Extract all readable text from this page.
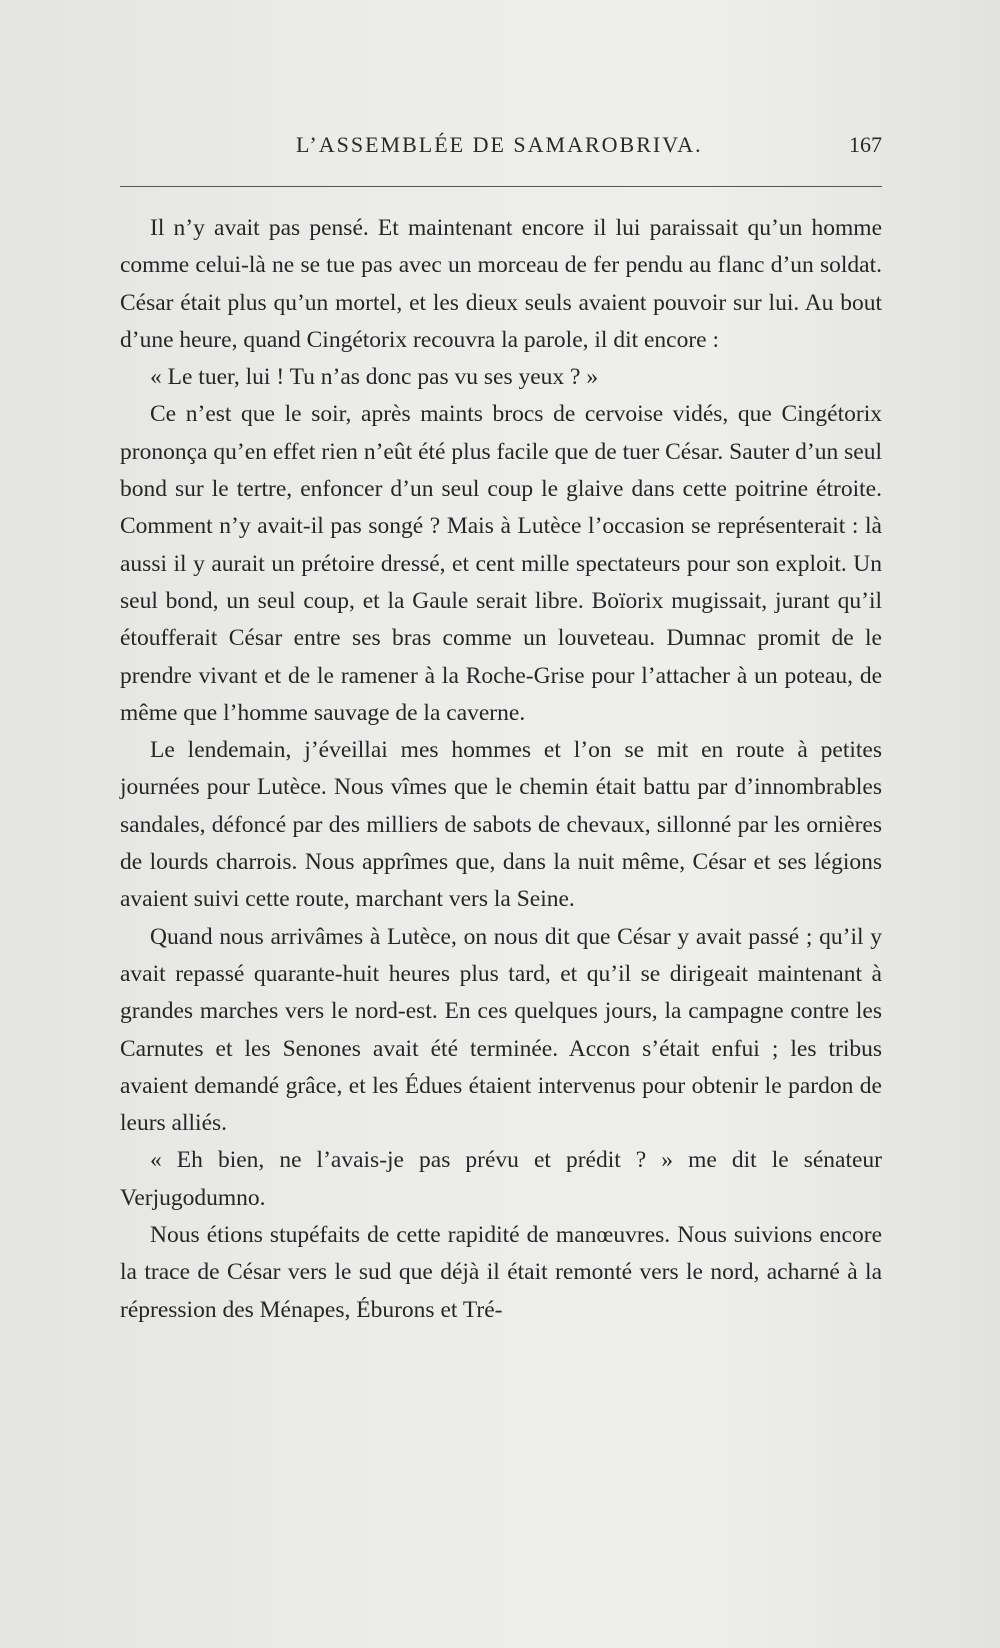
L’ASSEMBLÉE DE SAMAROBRIVA.	167

Il n’y avait pas pensé. Et maintenant encore il lui paraissait qu’un homme comme celui-là ne se tue pas avec un morceau de fer pendu au flanc d’un soldat. César était plus qu’un mortel, et les dieux seuls avaient pouvoir sur lui. Au bout d’une heure, quand Cingétorix recouvra la parole, il dit encore :

« Le tuer, lui ! Tu n’as donc pas vu ses yeux ? »

Ce n’est que le soir, après maints brocs de cervoise vidés, que Cingétorix prononça qu’en effet rien n’eût été plus facile que de tuer César. Sauter d’un seul bond sur le tertre, enfoncer d’un seul coup le glaive dans cette poitrine étroite. Comment n’y avait-il pas songé ? Mais à Lutèce l’occasion se représenterait : là aussi il y aurait un prétoire dressé, et cent mille spectateurs pour son exploit. Un seul bond, un seul coup, et la Gaule serait libre. Boïorix mugissait, jurant qu’il étoufferait César entre ses bras comme un louveteau. Dumnac promit de le prendre vivant et de le ramener à la Roche-Grise pour l’attacher à un poteau, de même que l’homme sauvage de la caverne.

Le lendemain, j’éveillai mes hommes et l’on se mit en route à petites journées pour Lutèce. Nous vîmes que le chemin était battu par d’innombrables sandales, défoncé par des milliers de sabots de chevaux, sillonné par les ornières de lourds charrois. Nous apprîmes que, dans la nuit même, César et ses légions avaient suivi cette route, marchant vers la Seine.

Quand nous arrivâmes à Lutèce, on nous dit que César y avait passé ; qu’il y avait repassé quarante-huit heures plus tard, et qu’il se dirigeait maintenant à grandes marches vers le nord-est. En ces quelques jours, la campagne contre les Carnutes et les Senones avait été terminée. Accon s’était enfui ; les tribus avaient demandé grâce, et les Édues étaient intervenus pour obtenir le pardon de leurs alliés.

« Eh bien, ne l’avais-je pas prévu et prédit ? » me dit le sénateur Verjugodumno.

Nous étions stupéfaits de cette rapidité de manœuvres. Nous suivions encore la trace de César vers le sud que déjà il était remonté vers le nord, acharné à la répression des Ménapes, Éburons et Tré-
